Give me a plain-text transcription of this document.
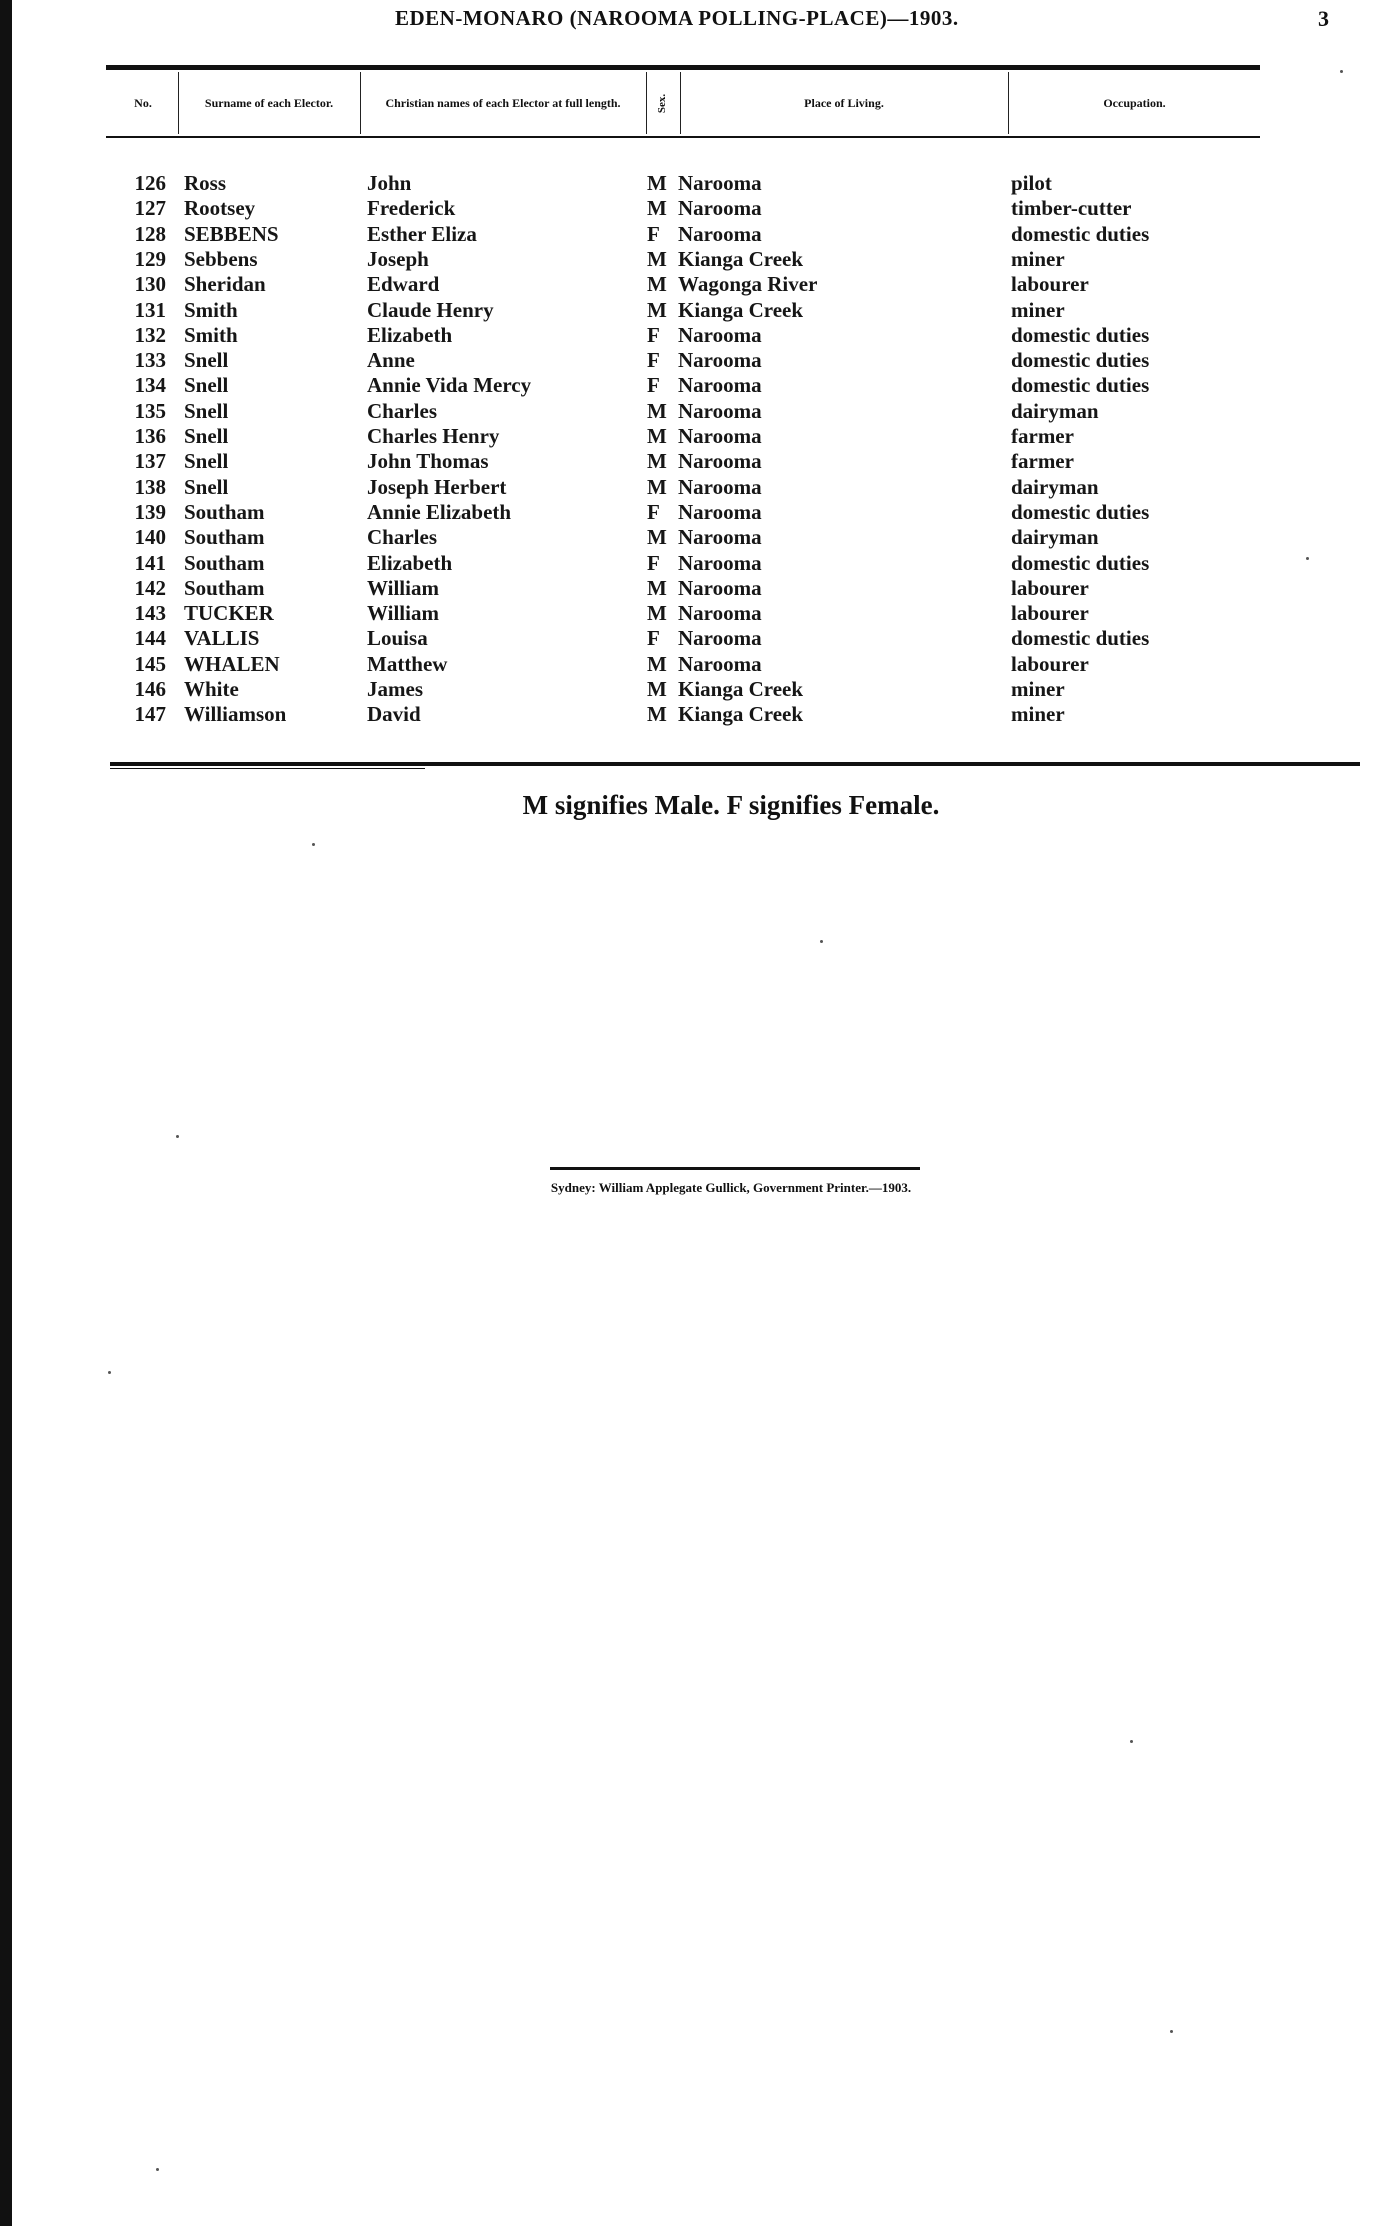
EDEN-MONARO (NAROOMA POLLING-PLACE)—1903.	3
No.	Surname of each Elector.	Christian names of each Elector at full length.	Sex.	Place of Living.	Occupation.
126 Ross	John	M Narooma	pilot
127 Rootsey	Frederick	M Narooma	timber-cutter
128 SEBBENS	Esther Eliza	F Narooma	domestic duties
129 Sebbens	Joseph	M Kianga Creek	miner
130 Sheridan	Edward	M Wagonga River	labourer
131 Smith	Claude Henry	M Kianga Creek	miner
132 Smith	Elizabeth	F Narooma	domestic duties
133 Snell	Anne	F Narooma	domestic duties
134 Snell	Annie Vida Mercy	F Narooma	domestic duties
135 Snell	Charles	M Narooma	dairyman
136 Snell	Charles Henry	M Narooma	farmer
137 Snell	John Thomas	M Narooma	farmer
138 Snell	Joseph Herbert	M Narooma	dairyman
139 Southam	Annie Elizabeth	F Narooma	domestic duties
140 Southam	Charles	M Narooma	dairyman
141 Southam	Elizabeth	F Narooma	domestic duties
142 Southam	William	M Narooma	labourer
143 TUCKER	William	M Narooma	labourer
144 VALLIS	Louisa	F Narooma	domestic duties
145 WHALEN	Matthew	M Narooma	labourer
146 White	James	M Kianga Creek	miner
147 Williamson	David	M Kianga Creek	miner
M signifies Male. F signifies Female.
Sydney: William Applegate Gullick, Government Printer.—1903.
